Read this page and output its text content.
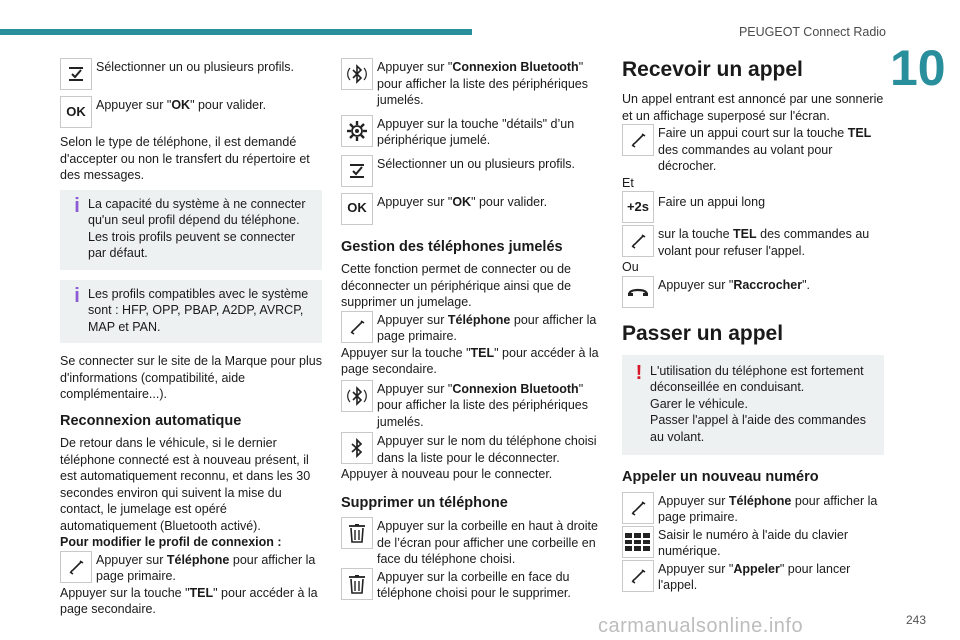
PEUGEOT Connect Radio
10
Sélectionner un ou plusieurs profils.
OK Appuyer sur "OK" pour valider.
Selon le type de téléphone, il est demandé d'accepter ou non le transfert du répertoire et des messages.
i La capacité du système à ne connecter qu'un seul profil dépend du téléphone. Les trois profils peuvent se connecter par défaut.
i Les profils compatibles avec le système sont : HFP, OPP, PBAP, A2DP, AVRCP, MAP et PAN.
Se connecter sur le site de la Marque pour plus d'informations (compatibilité, aide complémentaire...).
Reconnexion automatique
De retour dans le véhicule, si le dernier téléphone connecté est à nouveau présent, il est automatiquement reconnu, et dans les 30 secondes environ qui suivent la mise du contact, le jumelage est opéré automatiquement (Bluetooth activé).
Pour modifier le profil de connexion :
Appuyer sur Téléphone pour afficher la page primaire.
Appuyer sur la touche "TEL" pour accéder à la page secondaire.
Appuyer sur "Connexion Bluetooth" pour afficher la liste des périphériques jumelés.
Appuyer sur la touche "détails" d’un périphérique jumelé.
Sélectionner un ou plusieurs profils.
OK Appuyer sur "OK" pour valider.
Gestion des téléphones jumelés
Cette fonction permet de connecter ou de déconnecter un périphérique ainsi que de supprimer un jumelage.
Appuyer sur Téléphone pour afficher la page primaire.
Appuyer sur la touche "TEL" pour accéder à la page secondaire.
Appuyer sur "Connexion Bluetooth" pour afficher la liste des périphériques jumelés.
Appuyer sur le nom du téléphone choisi dans la liste pour le déconnecter.
Appuyer à nouveau pour le connecter.
Supprimer un téléphone
Appuyer sur la corbeille en haut à droite de l’écran pour afficher une corbeille en face du téléphone choisi.
Appuyer sur la corbeille en face du téléphone choisi pour le supprimer.
Recevoir un appel
Un appel entrant est annoncé par une sonnerie et un affichage superposé sur l'écran.
Faire un appui court sur la touche TEL des commandes au volant pour décrocher.
Et
+2s Faire un appui long
sur la touche TEL des commandes au volant pour refuser l'appel.
Ou
Appuyer sur "Raccrocher".
Passer un appel
! L'utilisation du téléphone est fortement déconseillée en conduisant.
Garer le véhicule.
Passer l'appel à l'aide des commandes au volant.
Appeler un nouveau numéro
Appuyer sur Téléphone pour afficher la page primaire.
Saisir le numéro à l'aide du clavier numérique.
Appuyer sur "Appeler" pour lancer l'appel.
carmanualsonline.info	243
